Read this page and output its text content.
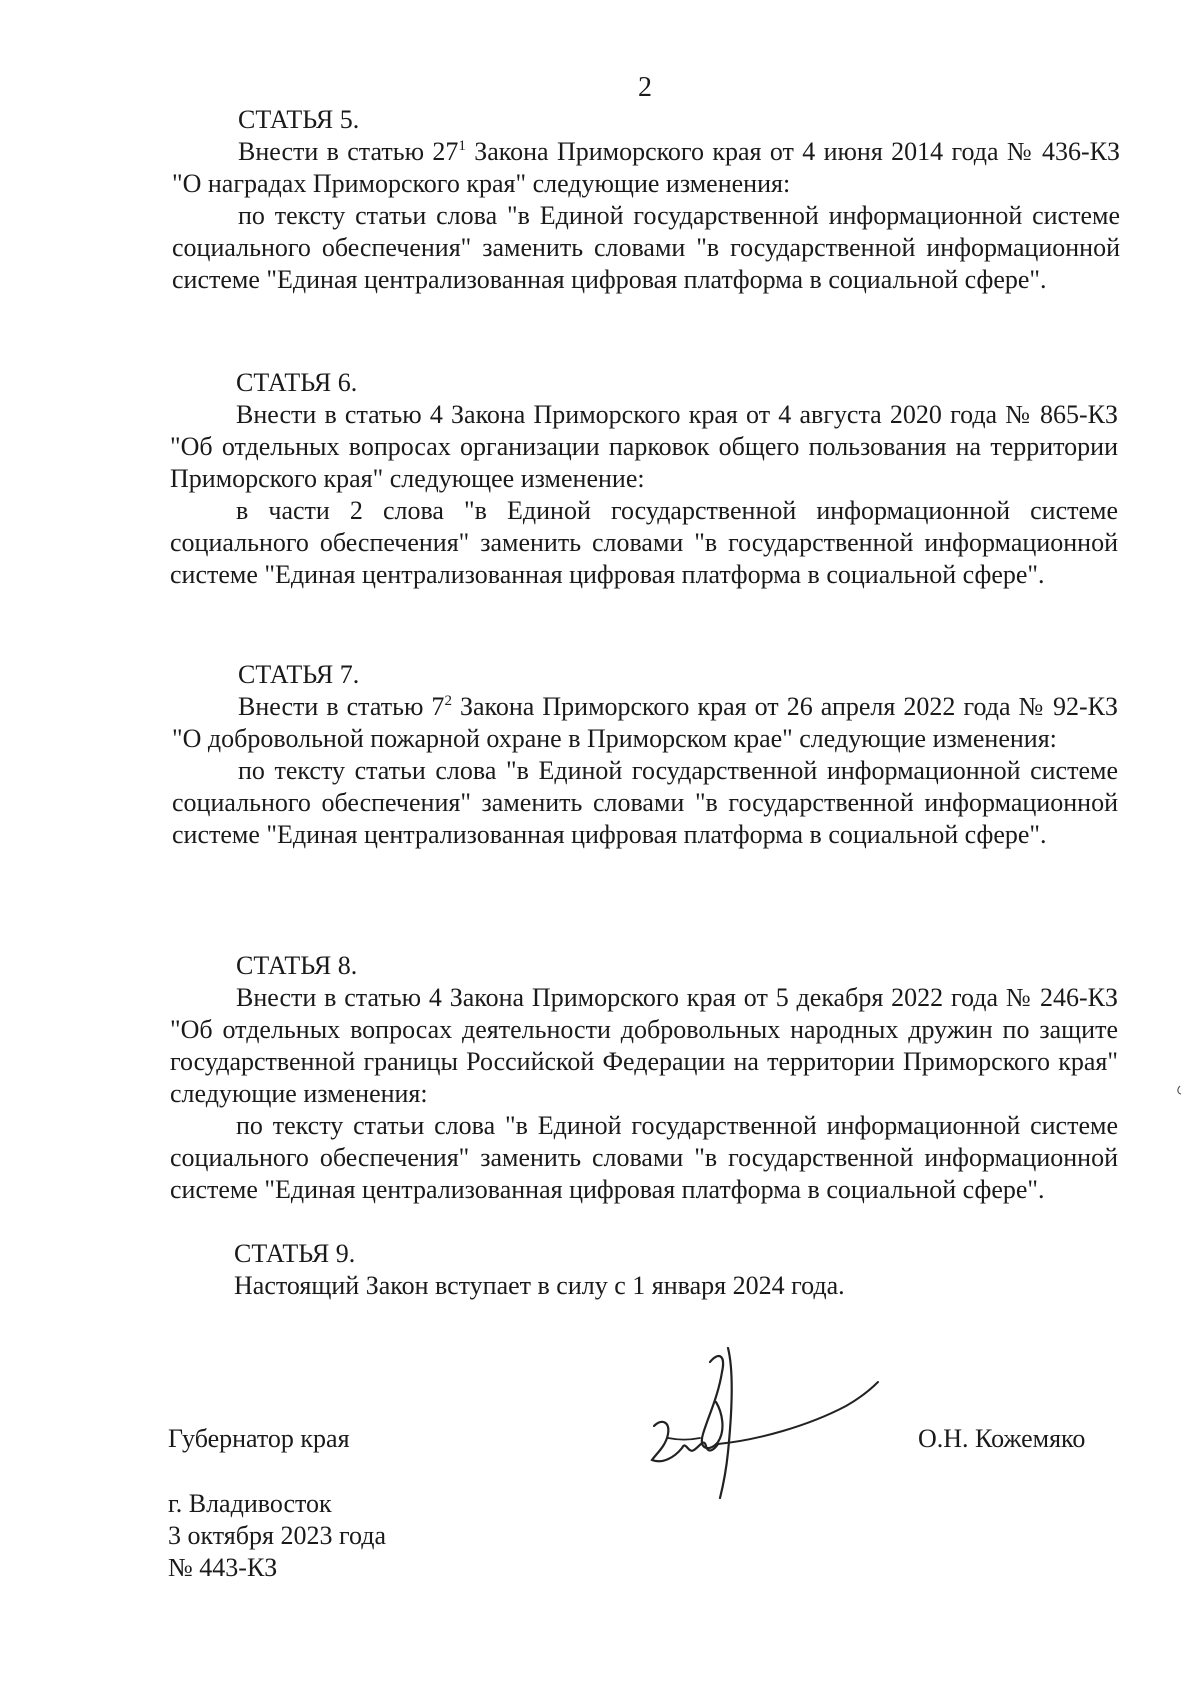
2
СТАТЬЯ 5.

Внести в статью $27^1$ Закона Приморского края от 4 июня 2014 года № 436-КЗ "О наградах Приморского края" следующие изменения:

по тексту статьи слова "в Единой государственной информационной системе социального обеспечения" заменить словами "в государственной информационной системе "Единая централизованная цифровая платформа в социальной сфере".

СТАТЬЯ 6.

Внести в статью 4 Закона Приморского края от 4 августа 2020 года № 865-КЗ "Об отдельных вопросах организации парковок общего пользования на территории Приморского края" следующее изменение:

в части 2 слова "в Единой государственной информационной системе социального обеспечения" заменить словами "в государственной информационной системе "Единая централизованная цифровая платформа в социальной сфере".

СТАТЬЯ 7.

Внести в статью $7^2$ Закона Приморского края от 26 апреля 2022 года № 92-КЗ "О добровольной пожарной охране в Приморском крае" следующие изменения:

по тексту статьи слова "в Единой государственной информационной системе социального обеспечения" заменить словами "в государственной информационной системе "Единая централизованная цифровая платформа в социальной сфере".

СТАТЬЯ 8.

Внести в статью 4 Закона Приморского края от 5 декабря 2022 года № 246-КЗ "Об отдельных вопросах деятельности добровольных народных дружин по защите государственной границы Российской Федерации на территории Приморского края" следующие изменения:

по тексту статьи слова "в Единой государственной информационной системе социального обеспечения" заменить словами "в государственной информационной системе "Единая централизованная цифровая платформа в социальной сфере".

СТАТЬЯ 9.
Настоящий Закон вступает в силу с 1 января 2024 года.
Губернатор края	О.Н. Кожемяко
г. Владивосток
3 октября 2023 года
№ 443-КЗ
